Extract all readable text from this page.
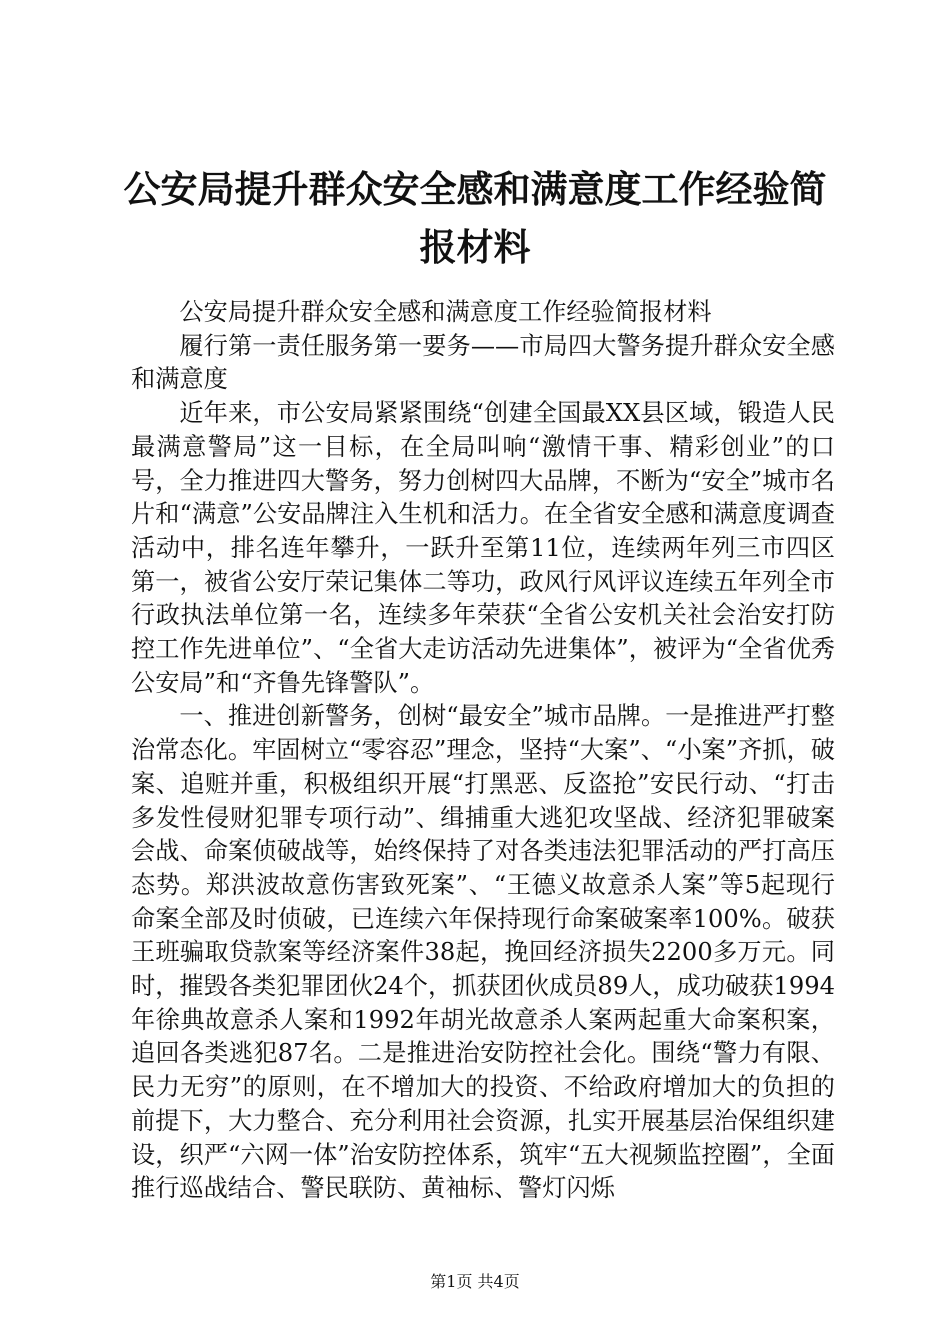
公安局提升群众安全感和满意度工作经验简报材料

公安局提升群众安全感和满意度工作经验简报材料

履行第一责任服务第一要务——市局四大警务提升群众安全感和满意度

近年来，市公安局紧紧围绕“创建全国最XX县区域，锻造人民最满意警局”这一目标，在全局叫响“激情干事、精彩创业”的口号，全力推进四大警务，努力创树四大品牌，不断为“安全”城市名片和“满意”公安品牌注入生机和活力。在全省安全感和满意度调查活动中，排名连年攀升，一跃升至第11位，连续两年列三市四区第一，被省公安厅荣记集体二等功，政风行风评议连续五年列全市行政执法单位第一名，连续多年荣获“全省公安机关社会治安打防控工作先进单位”、“全省大走访活动先进集体”，被评为“全省优秀公安局”和“齐鲁先锋警队”。

一、推进创新警务，创树“最安全”城市品牌。一是推进严打整治常态化。牢固树立“零容忍”理念，坚持“大案”、“小案”齐抓，破案、追赃并重，积极组织开展“打黑恶、反盗抢”安民行动、“打击多发性侵财犯罪专项行动”、缉捕重大逃犯攻坚战、经济犯罪破案会战、命案侦破战等，始终保持了对各类违法犯罪活动的严打高压态势。郑洪波故意伤害致死案”、“王德义故意杀人案”等5起现行命案全部及时侦破，已连续六年保持现行命案破案率100%。破获王班骗取贷款案等经济案件38起，挽回经济损失2200多万元。同时，摧毁各类犯罪团伙24个，抓获团伙成员89人，成功破获1994年徐典故意杀人案和1992年胡光故意杀人案两起重大命案积案，追回各类逃犯87名。二是推进治安防控社会化。围绕“警力有限、民力无穷”的原则，在不增加大的投资、不给政府增加大的负担的前提下，大力整合、充分利用社会资源，扎实开展基层治保组织建设，织严“六网一体”治安防控体系，筑牢“五大视频监控圈”，全面推行巡战结合、警民联防、黄袖标、警灯闪烁

第1页 共4页
